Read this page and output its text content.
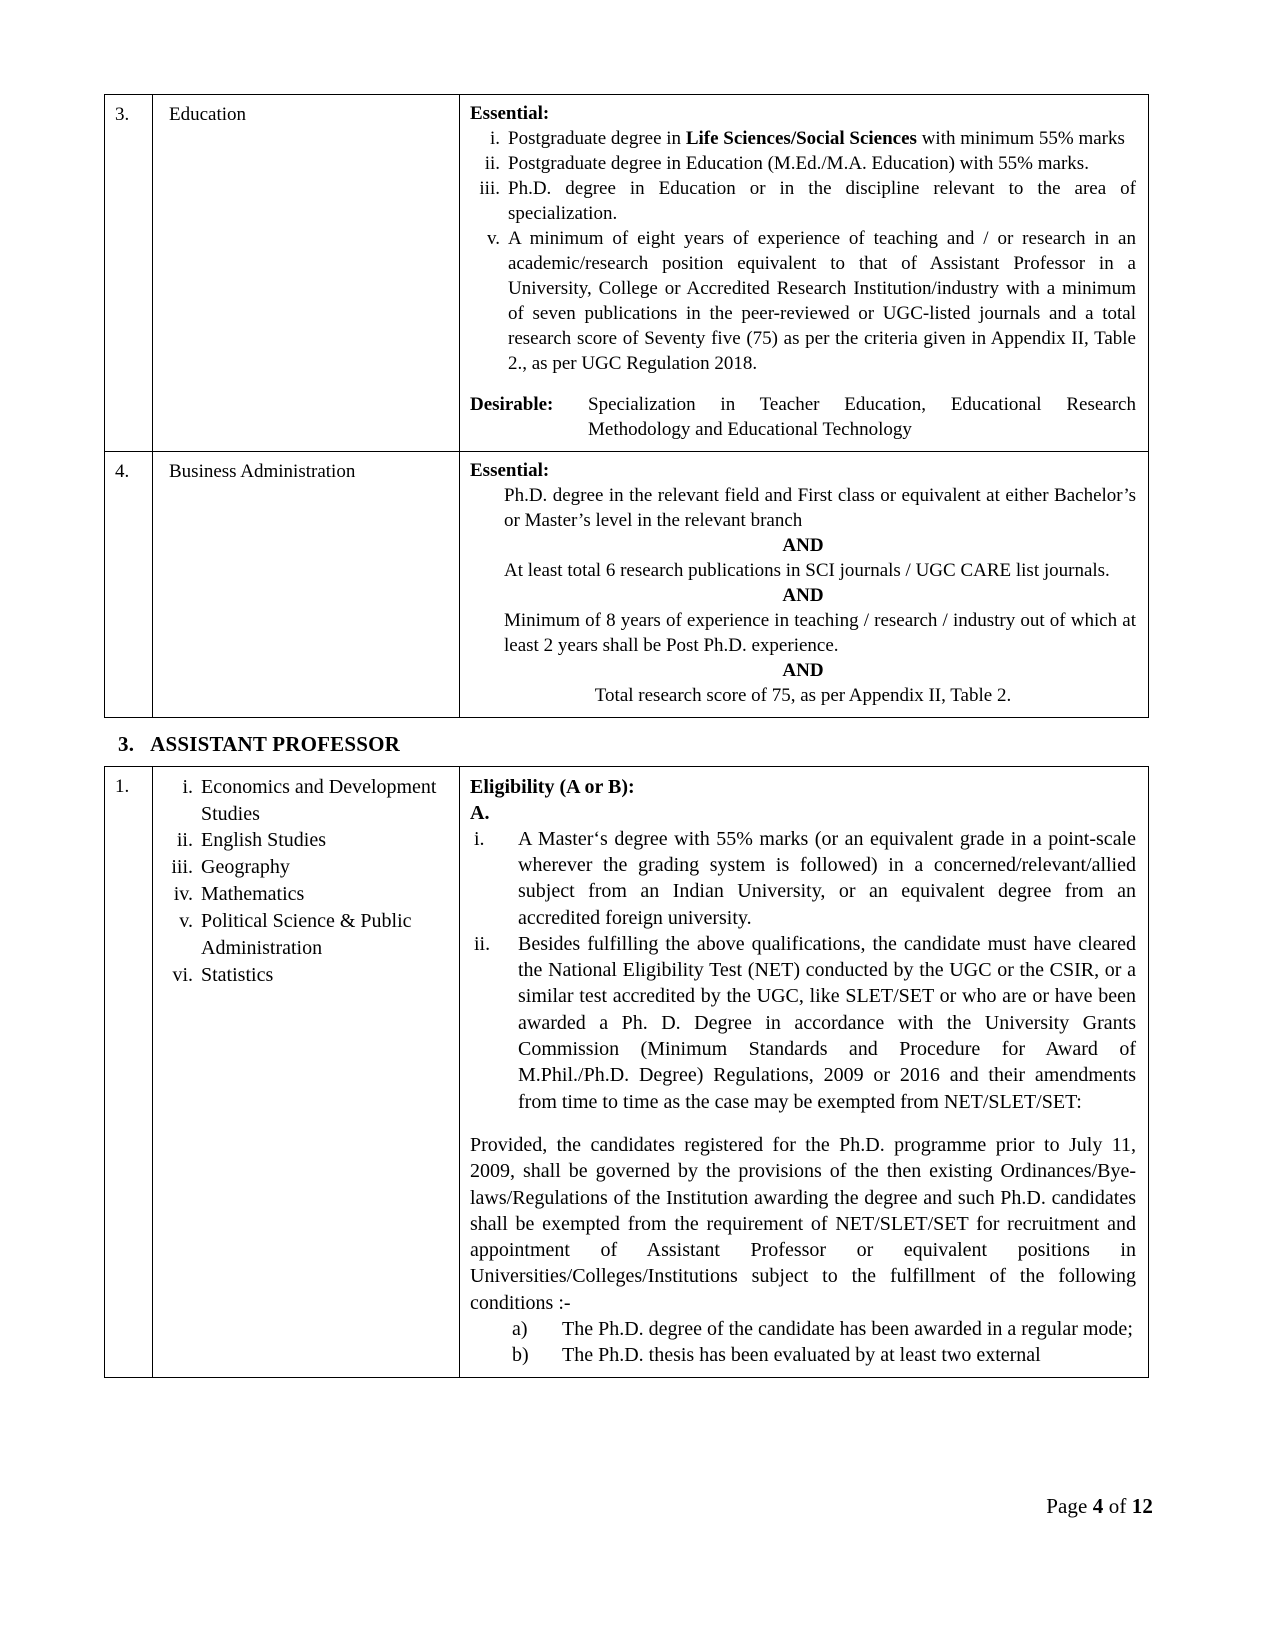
3.	Education	Essential:
i. Postgraduate degree in Life Sciences/Social Sciences with minimum 55% marks
ii. Postgraduate degree in Education (M.Ed./M.A. Education) with 55% marks.
iii. Ph.D. degree in Education or in the discipline relevant to the area of specialization.
v. A minimum of eight years of experience of teaching and / or research in an academic/research position equivalent to that of Assistant Professor in a University, College or Accredited Research Institution/industry with a minimum of seven publications in the peer-reviewed or UGC-listed journals and a total research score of Seventy five (75) as per the criteria given in Appendix II, Table 2., as per UGC Regulation 2018.
Desirable: Specialization in Teacher Education, Educational Research Methodology and Educational Technology

4.	Business Administration	Essential:
Ph.D. degree in the relevant field and First class or equivalent at either Bachelor’s or Master’s level in the relevant branch
AND
At least total 6 research publications in SCI journals / UGC CARE list journals.
AND
Minimum of 8 years of experience in teaching / research / industry out of which at least 2 years shall be Post Ph.D. experience.
AND
Total research score of 75, as per Appendix II, Table 2.
3. ASSISTANT PROFESSOR
1.	i. Economics and Development Studies
ii. English Studies
iii. Geography
iv. Mathematics
v. Political Science & Public Administration
vi. Statistics

Eligibility (A or B):
A.
i.	A Master‘s degree with 55% marks (or an equivalent grade in a point-scale wherever the grading system is followed) in a concerned/relevant/allied subject from an Indian University, or an equivalent degree from an accredited foreign university.
ii.	Besides fulfilling the above qualifications, the candidate must have cleared the National Eligibility Test (NET) conducted by the UGC or the CSIR, or a similar test accredited by the UGC, like SLET/SET or who are or have been awarded a Ph. D. Degree in accordance with the University Grants Commission (Minimum Standards and Procedure for Award of M.Phil./Ph.D. Degree) Regulations, 2009 or 2016 and their amendments from time to time as the case may be exempted from NET/SLET/SET:
Provided, the candidates registered for the Ph.D. programme prior to July 11, 2009, shall be governed by the provisions of the then existing Ordinances/Bye-laws/Regulations of the Institution awarding the degree and such Ph.D. candidates shall be exempted from the requirement of NET/SLET/SET for recruitment and appointment of Assistant Professor or equivalent positions in Universities/Colleges/Institutions subject to the fulfillment of the following conditions :-
a)	The Ph.D. degree of the candidate has been awarded in a regular mode;
b)	The Ph.D. thesis has been evaluated by at least two external
Page 4 of 12
